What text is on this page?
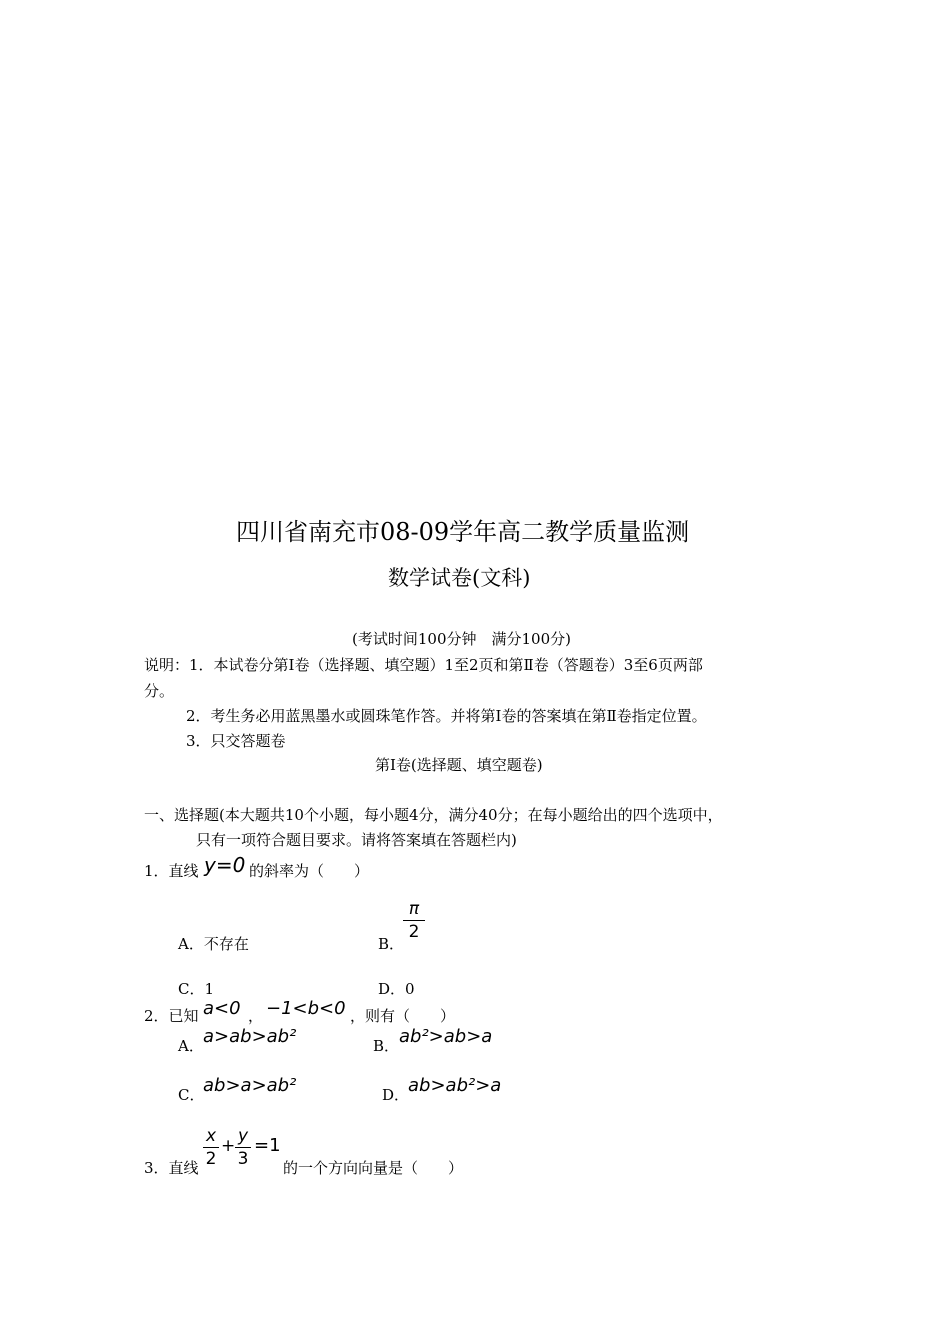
四川省南充市08-09学年高二教学质量监测
数学试卷(文科)
(考试时间100分钟　满分100分)
说明：1．本试卷分第Ⅰ卷（选择题、填空题）1至2页和第Ⅱ卷（答题卷）3至6页两部
分。
2．考生务必用蓝黑墨水或圆珠笔作答。并将第Ⅰ卷的答案填在第Ⅱ卷指定位置。
3．只交答题卷
第Ⅰ卷(选择题、填空题卷)
一、选择题(本大题共10个小题，每小题4分，满分40分；在每小题给出的四个选项中，
只有一项符合题目要求。请将答案填在答题栏内)
1．直线 y=0 的斜率为（　　）
A．不存在	B．
π
2
C．1	D．0
2．已知 a<0 ， −1<b<0 ，则有（　　）
A． a>ab>ab²	B． ab²>ab>a
C．
ab>a>ab²	D．
ab>ab²>a
3．直线
x
2
+ y
3
=1
的一个方向向量是（　　）
